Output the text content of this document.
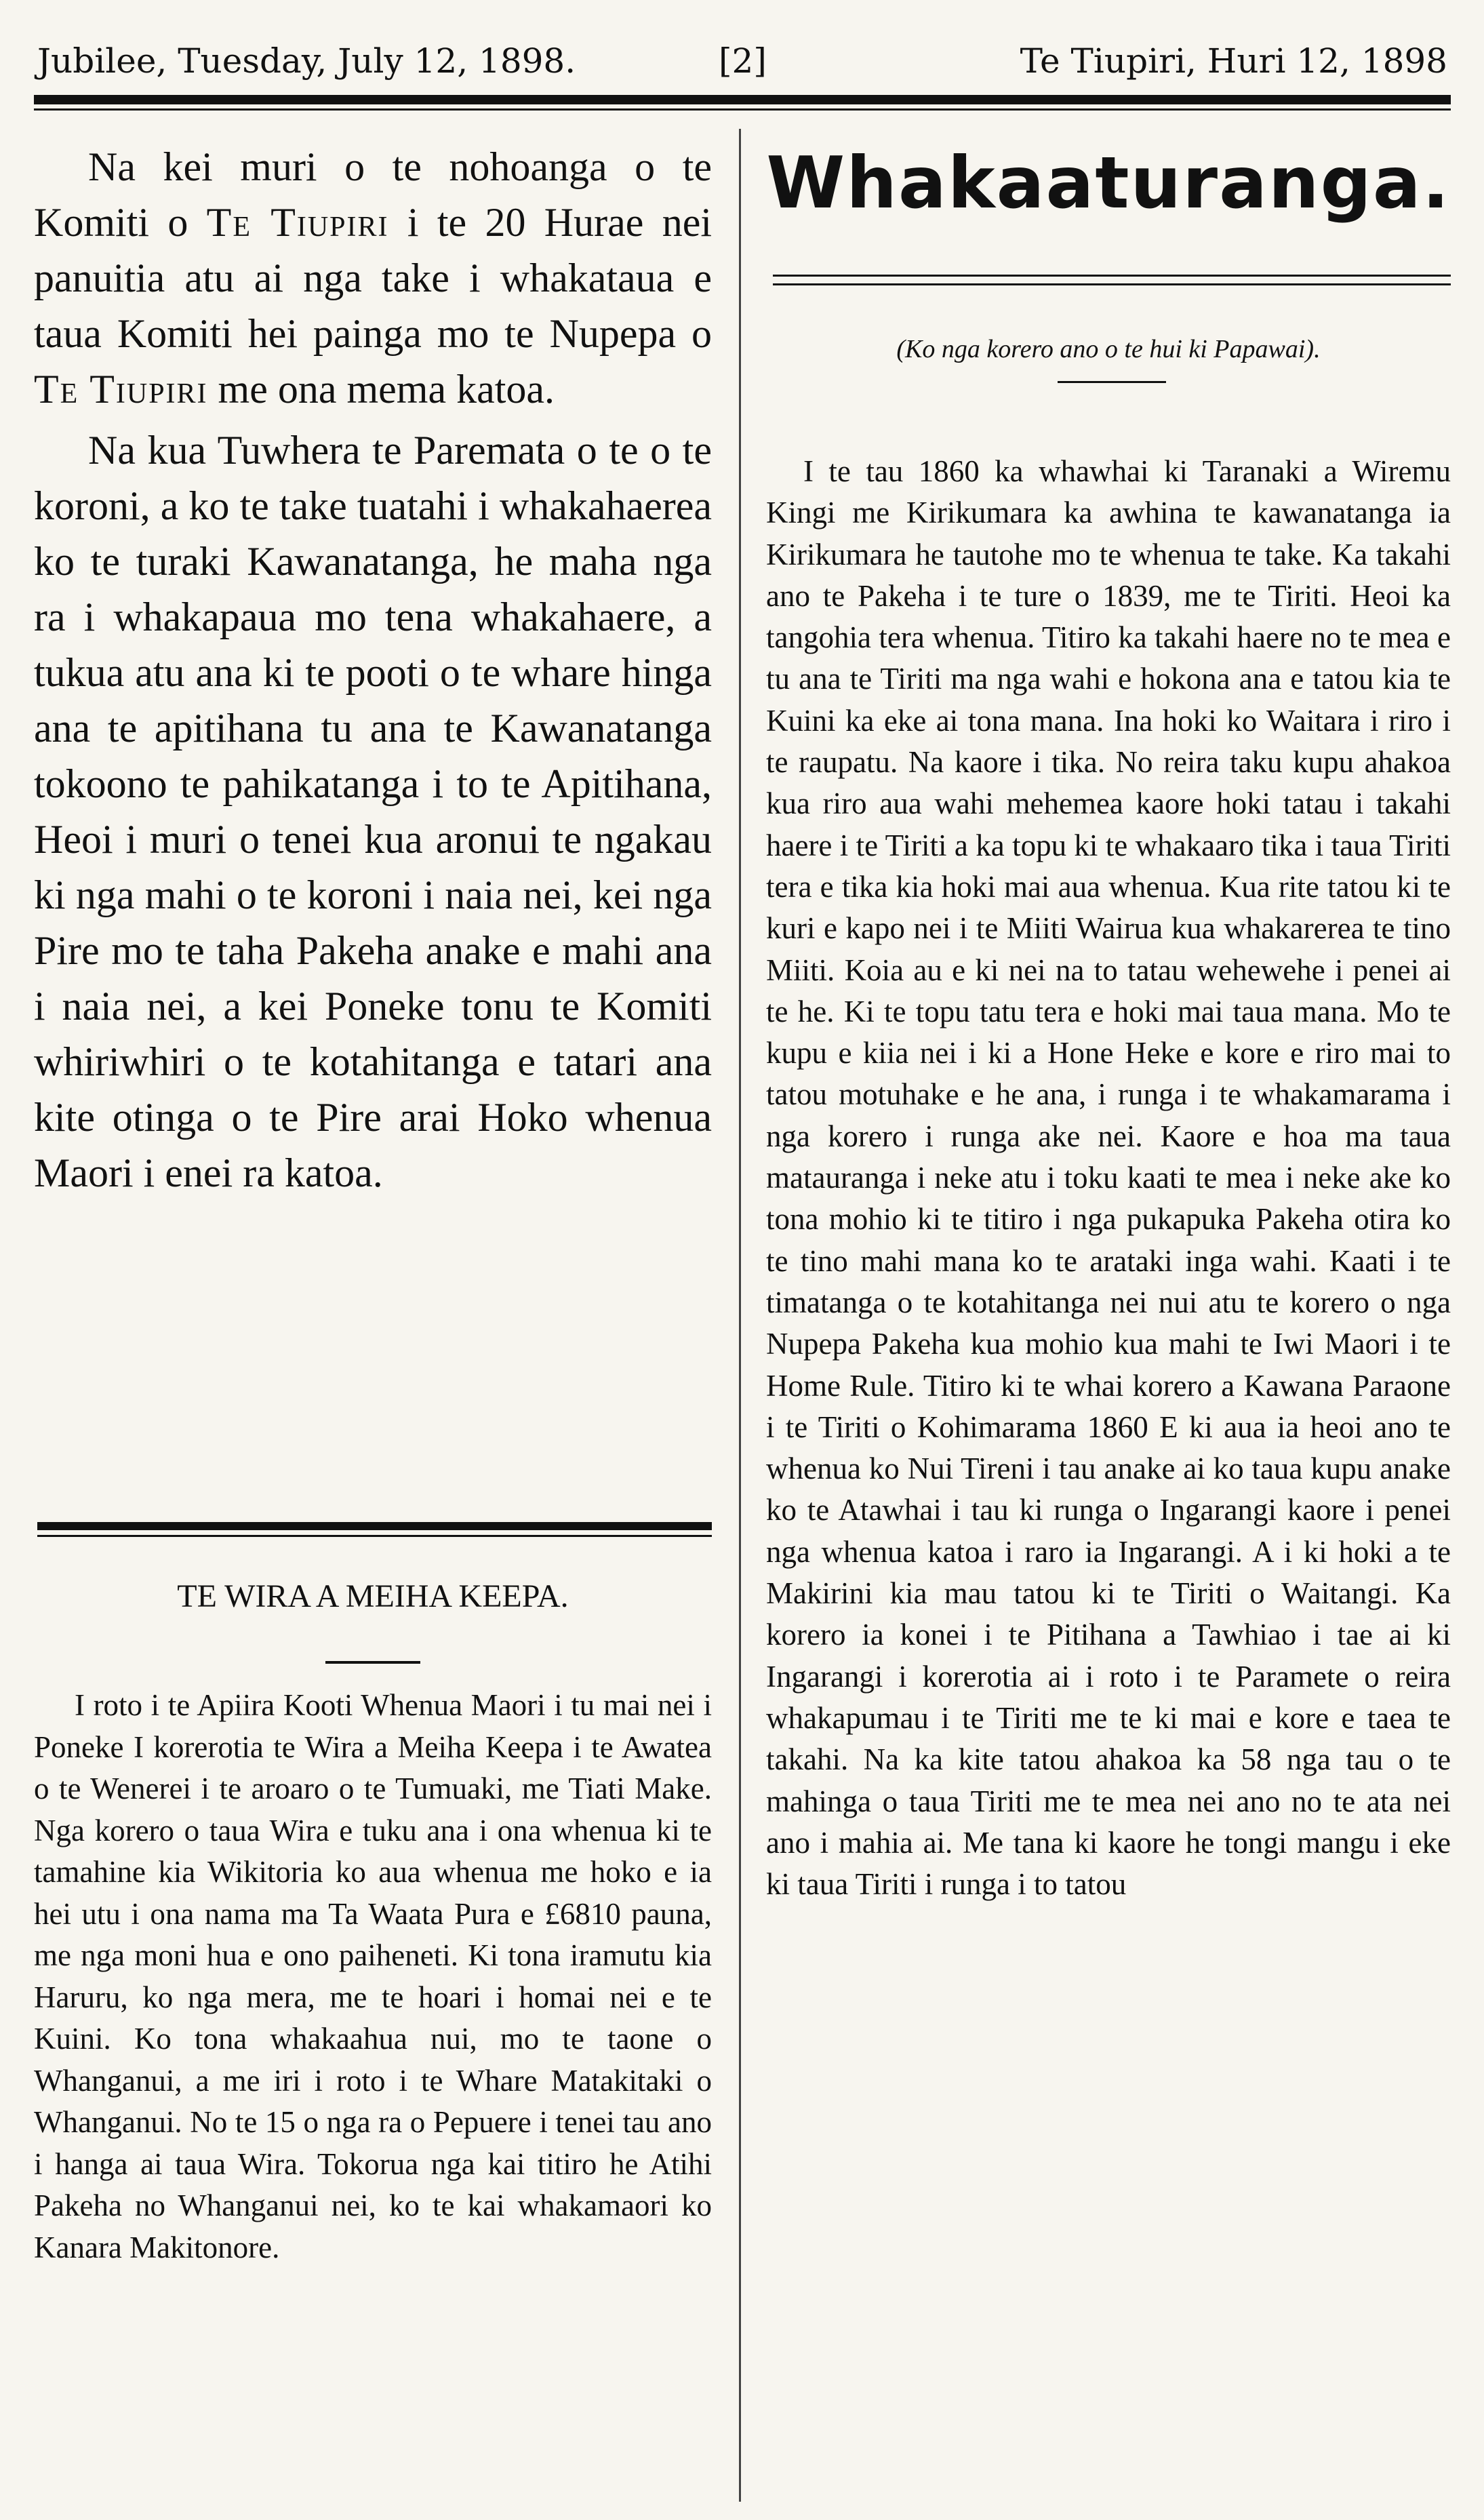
Jubilee, Tuesday, July 12, 1898.	[2]	Te Tiupiri, Huri 12, 1898

Na kei muri o te nohoanga o te Komiti o Te Tiupiri i te 20 Hurae nei panuitia atu ai nga take i whakataua e taua Komiti hei painga mo te Nupepa o Te Tiupiri me ona mema katoa.

Na kua Tuwhera te Paremata o te o te koroni, a ko te take tuatahi i whakahaerea ko te turaki Kawanatanga, he maha nga ra i whakapaua mo tena whakahaere, a tukua atu ana ki te pooti o te whare hinga ana te apitihana tu ana te Kawanatanga tokoono te pahikatanga i to te Apitihana, Heoi i muri o tenei kua aronui te ngakau ki nga mahi o te koroni i naia nei, kei nga Pire mo te taha Pakeha anake e mahi ana i naia nei, a kei Poneke tonu te Komiti whiriwhiri o te kotahitanga e tatari ana kite otinga o te Pire arai Hoko whenua Maori i enei ra katoa.

TE WIRA A MEIHA KEEPA.

I roto i te Apiira Kooti Whenua Maori i tu mai nei i Poneke I korerotia te Wira a Meiha Keepa i te Awatea o te Wenerei i te aroaro o te Tumuaki, me Tiati Make. Nga korero o taua Wira e tuku ana i ona whenua ki te tamahine kia Wikitoria ko aua whenua me hoko e ia hei utu i ona nama ma Ta Waata Pura e £6810 pauna, me nga moni hua e ono paiheneti. Ki tona iramutu kia Haruru, ko nga mera, me te hoari i homai nei e te Kuini. Ko tona whakaahua nui, mo te taone o Whanganui, a me iri i roto i te Whare Matakitaki o Whanganui. No te 15 o nga ra o Pepuere i tenei tau ano i hanga ai taua Wira. Tokorua nga kai titiro he Atihi Pakeha no Whanganui nei, ko te kai whakamaori ko Kanara Makitonore.

Whakaaturanga.
(Ko nga korero ano o te hui ki Papawai).

I te tau 1860 ka whawhai ki Taranaki a Wiremu Kingi me Kirikumara ka awhina te kawanatanga ia Kirikumara he tautohe mo te whenua te take. Ka takahi ano te Pakeha i te ture o 1839, me te Tiriti. Heoi ka tangohia tera whenua. Titiro ka takahi haere no te mea e tu ana te Tiriti ma nga wahi e hokona ana e tatou kia te Kuini ka eke ai tona mana. Ina hoki ko Waitara i riro i te raupatu. Na kaore i tika. No reira taku kupu ahakoa kua riro aua wahi mehemea kaore hoki tatau i takahi haere i te Tiriti a ka topu ki te whakaaro tika i taua Tiriti tera e tika kia hoki mai aua whenua. Kua rite tatou ki te kuri e kapo nei i te Miiti Wairua kua whakarerea te tino Miiti. Koia au e ki nei na to tatau wehewehe i penei ai te he. Ki te topu tatu tera e hoki mai taua mana. Mo te kupu e kiia nei i ki a Hone Heke e kore e riro mai to tatou motuhake e he ana, i runga i te whakamarama i nga korero i runga ake nei. Kaore e hoa ma taua matauranga i neke atu i toku kaati te mea i neke ake ko tona mohio ki te titiro i nga pukapuka Pakeha otira ko te tino mahi mana ko te arataki inga wahi. Kaati i te timatanga o te kotahitanga nei nui atu te korero o nga Nupepa Pakeha kua mohio kua mahi te Iwi Maori i te Home Rule. Titiro ki te whai korero a Kawana Paraone i te Tiriti o Kohimarama 1860 E ki aua ia heoi ano te whenua ko Nui Tireni i tau anake ai ko taua kupu anake ko te Atawhai i tau ki runga o Ingarangi kaore i penei nga whenua katoa i raro ia Ingarangi. A i ki hoki a te Makirini kia mau tatou ki te Tiriti o Waitangi. Ka korero ia konei i te Pitihana a Tawhiao i tae ai ki Ingarangi i korerotia ai i roto i te Paramete o reira whakapumau i te Tiriti me te ki mai e kore e taea te takahi. Na ka kite tatou ahakoa ka 58 nga tau o te mahinga o taua Tiriti me te mea nei ano no te ata nei ano i mahia ai. Me tana ki kaore he tongi mangu i eke ki taua Tiriti i runga i to tatou
